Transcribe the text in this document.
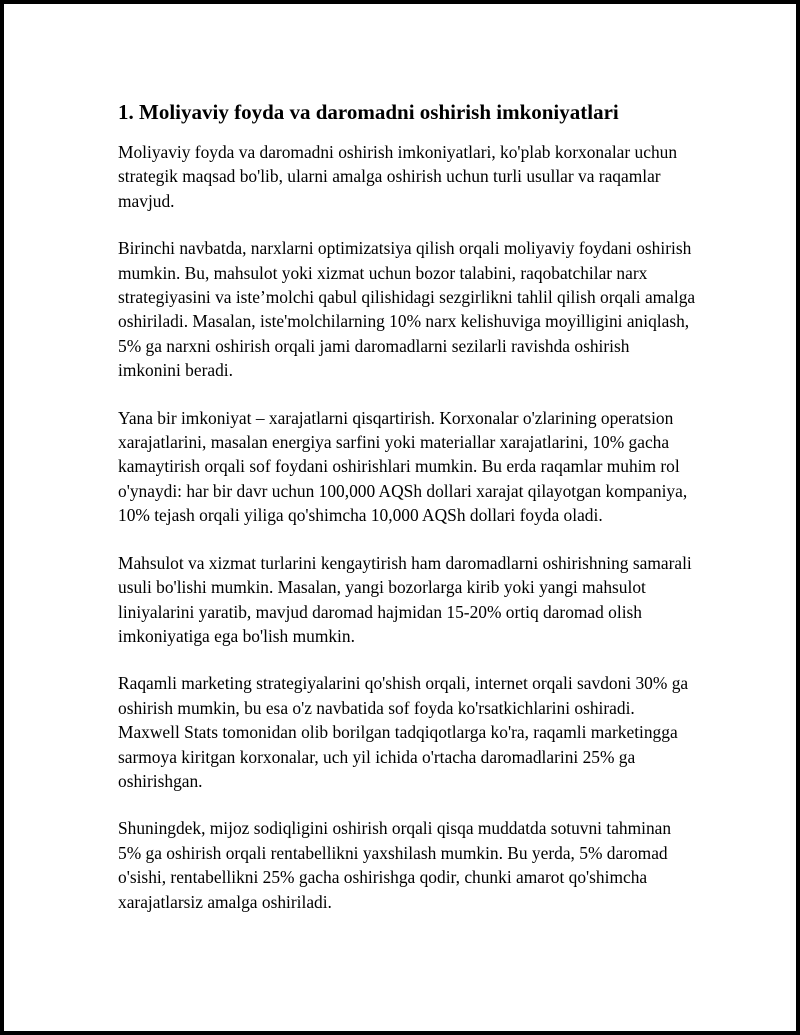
1. Moliyaviy foyda va daromadni oshirish imkoniyatlari

Moliyaviy foyda va daromadni oshirish imkoniyatlari, ko'plab korxonalar uchun strategik maqsad bo'lib, ularni amalga oshirish uchun turli usullar va raqamlar mavjud.

Birinchi navbatda, narxlarni optimizatsiya qilish orqali moliyaviy foydani oshirish mumkin. Bu, mahsulot yoki xizmat uchun bozor talabini, raqobatchilar narx strategiyasini va iste’molchi qabul qilishidagi sezgirlikni tahlil qilish orqali amalga oshiriladi. Masalan, iste'molchilarning 10% narx kelishuviga moyilligini aniqlash, 5% ga narxni oshirish orqali jami daromadlarni sezilarli ravishda oshirish imkonini beradi.

Yana bir imkoniyat – xarajatlarni qisqartirish. Korxonalar o'zlarining operatsion xarajatlarini, masalan energiya sarfini yoki materiallar xarajatlarini, 10% gacha kamaytirish orqali sof foydani oshirishlari mumkin. Bu erda raqamlar muhim rol o'ynaydi: har bir davr uchun 100,000 AQSh dollari xarajat qilayotgan kompaniya, 10% tejash orqali yiliga qo'shimcha 10,000 AQSh dollari foyda oladi.

Mahsulot va xizmat turlarini kengaytirish ham daromadlarni oshirishning samarali usuli bo'lishi mumkin. Masalan, yangi bozorlarga kirib yoki yangi mahsulot liniyalarini yaratib, mavjud daromad hajmidan 15-20% ortiq daromad olish imkoniyatiga ega bo'lish mumkin.

Raqamli marketing strategiyalarini qo'shish orqali, internet orqali savdoni 30% ga oshirish mumkin, bu esa o'z navbatida sof foyda ko'rsatkichlarini oshiradi. Maxwell Stats tomonidan olib borilgan tadqiqotlarga ko'ra, raqamli marketingga sarmoya kiritgan korxonalar, uch yil ichida o'rtacha daromadlarini 25% ga oshirishgan.

Shuningdek, mijoz sodiqligini oshirish orqali qisqa muddatda sotuvni tahminan 5% ga oshirish orqali rentabellikni yaxshilash mumkin. Bu yerda, 5% daromad o'sishi, rentabellikni 25% gacha oshirishga qodir, chunki amarot qo'shimcha xarajatlarsiz amalga oshiriladi.
